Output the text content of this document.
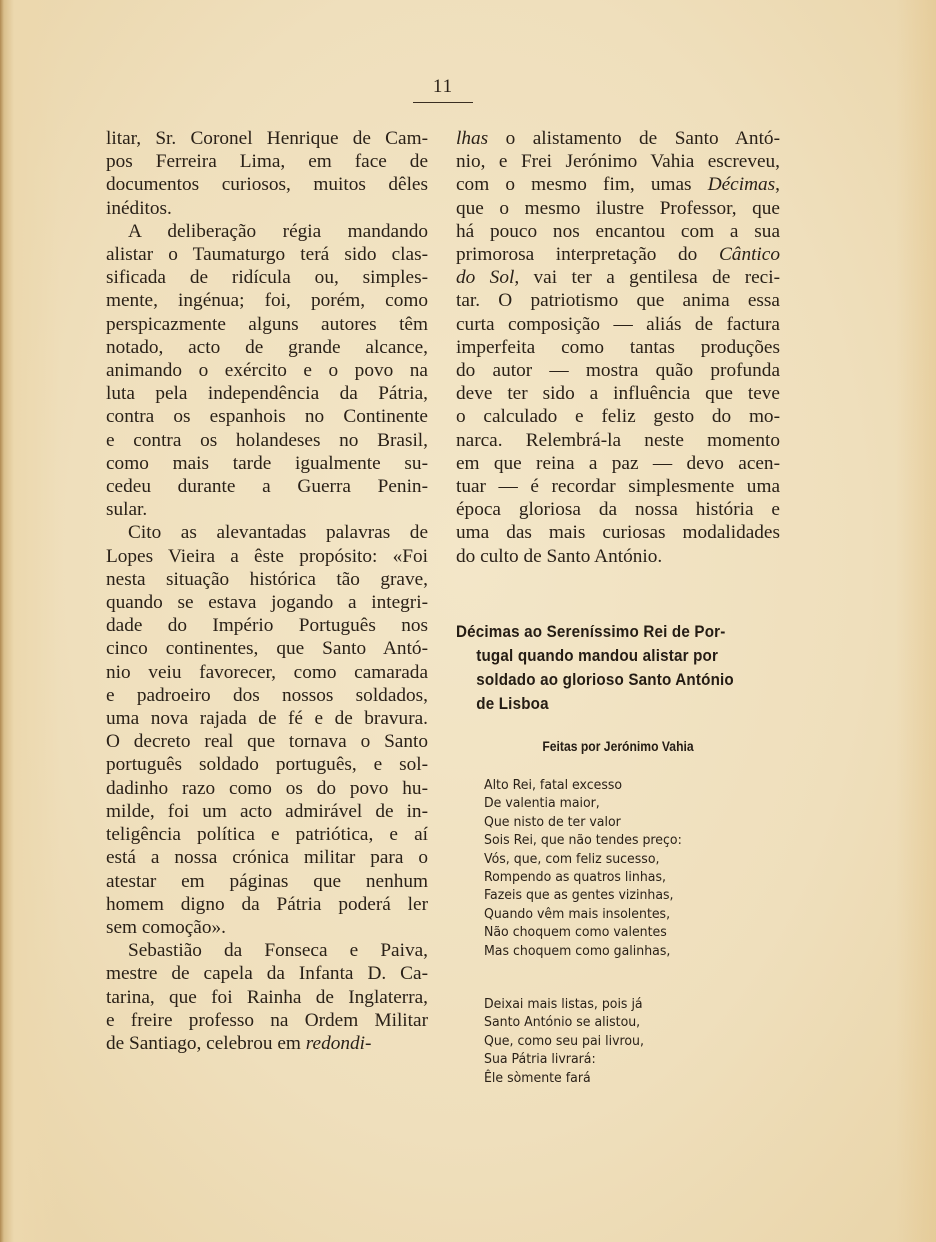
11
litar, Sr. Coronel Henrique de Cam-
pos Ferreira Lima, em face de
documentos curiosos, muitos dêles
inéditos.
A deliberação régia mandando
alistar o Taumaturgo terá sido clas-
sificada de ridícula ou, simples-
mente, ingénua; foi, porém, como
perspicazmente alguns autores têm
notado, acto de grande alcance,
animando o exército e o povo na
luta pela independência da Pátria,
contra os espanhois no Continente
e contra os holandeses no Brasil,
como mais tarde igualmente su-
cedeu durante a Guerra Penin-
sular.
Cito as alevantadas palavras de
Lopes Vieira a êste propósito: «Foi
nesta situação histórica tão grave,
quando se estava jogando a integri-
dade do Império Português nos
cinco continentes, que Santo Antó-
nio veiu favorecer, como camarada
e padroeiro dos nossos soldados,
uma nova rajada de fé e de bravura.
O decreto real que tornava o Santo
português soldado português, e sol-
dadinho razo como os do povo hu-
milde, foi um acto admirável de in-
teligência política e patriótica, e aí
está a nossa crónica militar para o
atestar em páginas que nenhum
homem digno da Pátria poderá ler
sem comoção».
Sebastião da Fonseca e Paiva,
mestre de capela da Infanta D. Ca-
tarina, que foi Rainha de Inglaterra,
e freire professo na Ordem Militar
de Santiago, celebrou em redondi-
lhas o alistamento de Santo Antó-
nio, e Frei Jerónimo Vahia escreveu,
com o mesmo fim, umas Décimas,
que o mesmo ilustre Professor, que
há pouco nos encantou com a sua
primorosa interpretação do Cântico
do Sol, vai ter a gentilesa de reci-
tar. O patriotismo que anima essa
curta composição — aliás de factura
imperfeita como tantas produções
do autor — mostra quão profunda
deve ter sido a influência que teve
o calculado e feliz gesto do mo-
narca. Relembrá-la neste momento
em que reina a paz — devo acen-
tuar — é recordar simplesmente uma
época gloriosa da nossa história e
uma das mais curiosas modalidades
do culto de Santo António.
Décimas ao Sereníssimo Rei de Por-
tugal quando mandou alistar por
soldado ao glorioso Santo António
de Lisboa
Feitas por Jerónimo Vahia
Alto Rei, fatal excesso
De valentia maior,
Que nisto de ter valor
Sois Rei, que não tendes preço:
Vós, que, com feliz sucesso,
Rompendo as quatros linhas,
Fazeis que as gentes vizinhas,
Quando vêm mais insolentes,
Não choquem como valentes
Mas choquem como galinhas,
Deixai mais listas, pois já
Santo António se alistou,
Que, como seu pai livrou,
Sua Pátria livrará:
Êle sòmente fará
